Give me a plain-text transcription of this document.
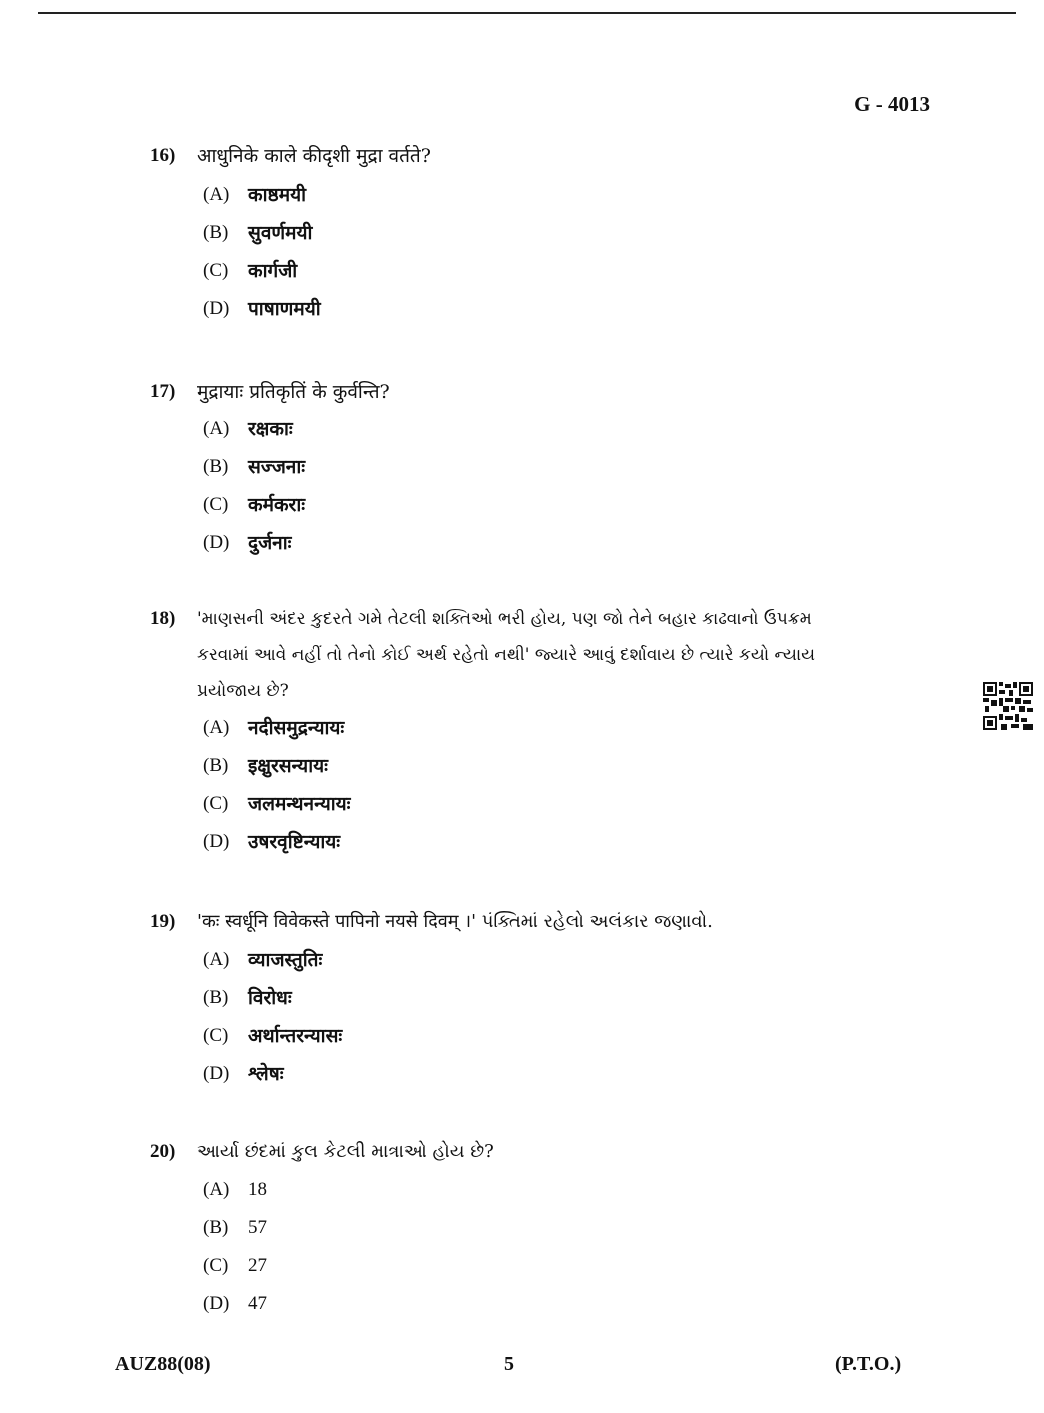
G - 4013
16)	आधुनिके काले कीदृशी मुद्रा वर्तते?
(A) काष्ठमयी
(B)	सुवर्णमयी
(C)	कार्गजी
(D) पाषाणमयी
17)	मुद्रायाः प्रतिकृतिं के कुर्वन्ति?
(A) रक्षकाः
(B)	सज्जनाः
(C)	कर्मकराः
(D) दुर्जनाः
18)	'માણસની અંદર કુદરતે ગમે તેટલી શક્તિઓ ભરી હોય, પણ જો તેને બહાર કાઢવાનો ઉપક્રમ
કરવામાં આવે નહીં તો તેનો કોઈ અર્થ રહેતો નથી' જ્યારે આવું દર્શાવાય છે ત્યારે કયો ન્યાય
પ્રયોજાય છે?
(A) नदीसमुद्रन्यायः
(B)	इक्षुरसन्यायः
(C)	जलमन्थनन्यायः
(D) उषरवृष्टिन्यायः
19)	'कः स्वर्धूनि विवेकस्ते पापिनो नयसे दिवम् ।' પંક્તિમાં રહેલો અલંકાર જણાવો.
(A) व्याजस्तुतिः
(B)	विरोधः
(C)	अर्थान्तरन्यासः
(D) श्लेषः
20)	આર્યા છંદમાં કુલ કેટલી માત્રાઓ હોય છે?
(A) 18
(B)	57
(C)	27
(D) 47
AUZ88(08)	5	(P.T.O.)
